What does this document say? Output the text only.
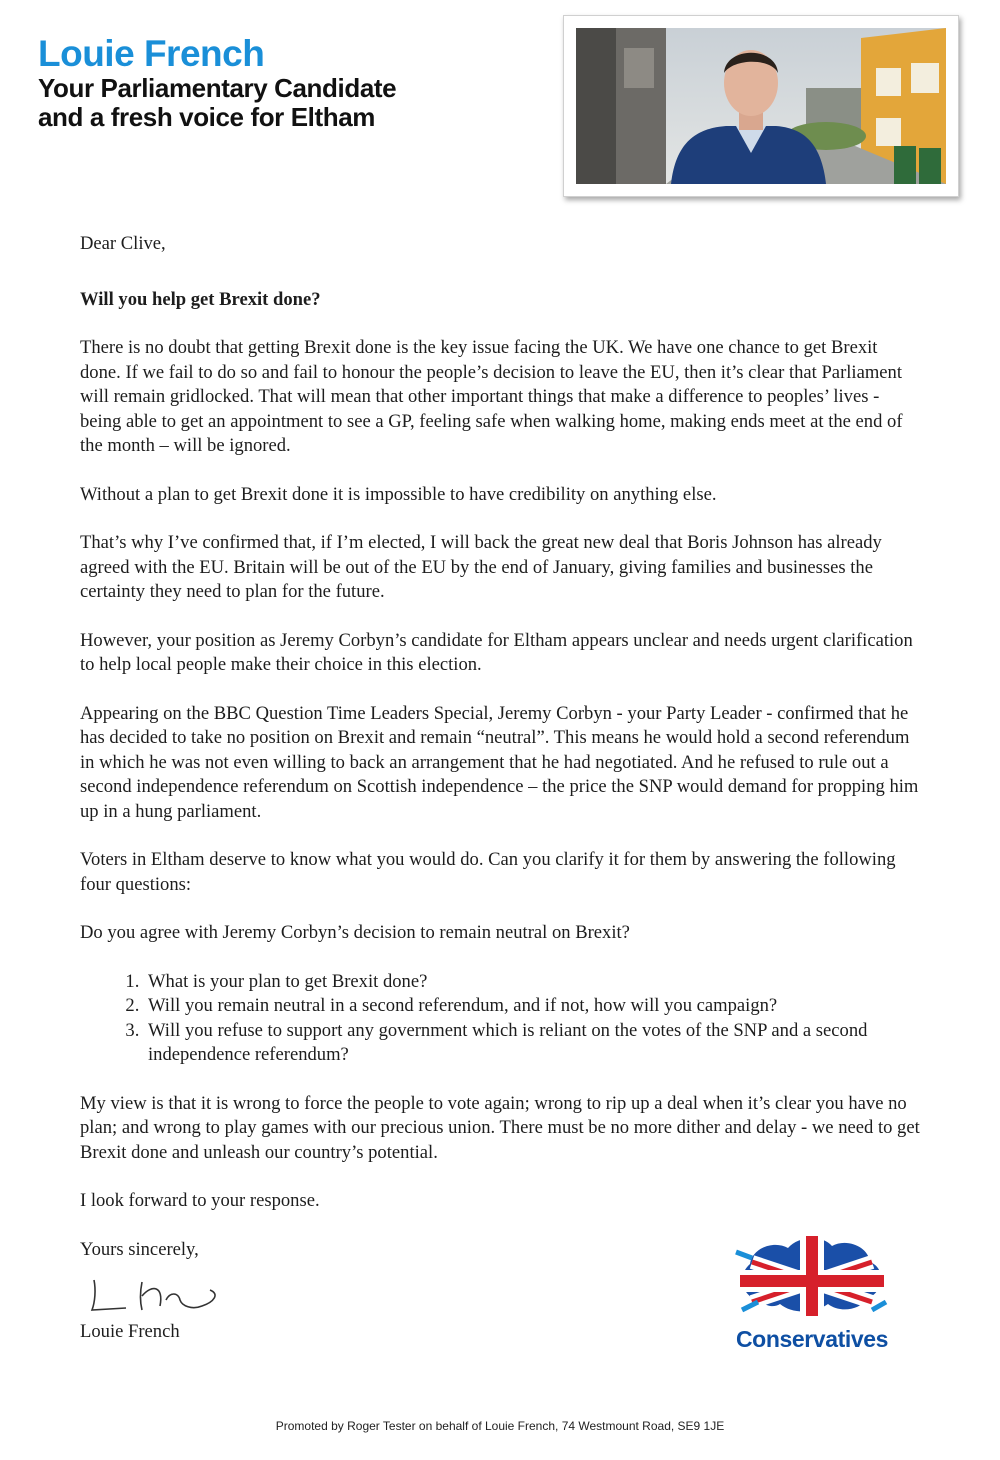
Louie French
Your Parliamentary Candidate
and a fresh voice for Eltham

Dear Clive,

Will you help get Brexit done?

There is no doubt that getting Brexit done is the key issue facing the UK. We have one chance to get Brexit done. If we fail to do so and fail to honour the people’s decision to leave the EU, then it’s clear that Parliament will remain gridlocked. That will mean that other important things that make a difference to peoples’ lives - being able to get an appointment to see a GP, feeling safe when walking home, making ends meet at the end of the month – will be ignored.

Without a plan to get Brexit done it is impossible to have credibility on anything else.

That’s why I’ve confirmed that, if I’m elected, I will back the great new deal that Boris Johnson has already agreed with the EU. Britain will be out of the EU by the end of January, giving families and businesses the certainty they need to plan for the future.

However, your position as Jeremy Corbyn’s candidate for Eltham appears unclear and needs urgent clarification to help local people make their choice in this election.

Appearing on the BBC Question Time Leaders Special, Jeremy Corbyn - your Party Leader - confirmed that he has decided to take no position on Brexit and remain “neutral”. This means he would hold a second referendum in which he was not even willing to back an arrangement that he had negotiated. And he refused to rule out a second independence referendum on Scottish independence – the price the SNP would demand for propping him up in a hung parliament.

Voters in Eltham deserve to know what you would do. Can you clarify it for them by answering the following four questions:

Do you agree with Jeremy Corbyn’s decision to remain neutral on Brexit?

1. What is your plan to get Brexit done?
2. Will you remain neutral in a second referendum, and if not, how will you campaign?
3. Will you refuse to support any government which is reliant on the votes of the SNP and a second independence referendum?

My view is that it is wrong to force the people to vote again; wrong to rip up a deal when it’s clear you have no plan; and wrong to play games with our precious union. There must be no more dither and delay - we need to get Brexit done and unleash our country’s potential.

I look forward to your response.

Yours sincerely,

Louie French	Conservatives
Promoted by Roger Tester on behalf of Louie French, 74 Westmount Road, SE9 1JE
